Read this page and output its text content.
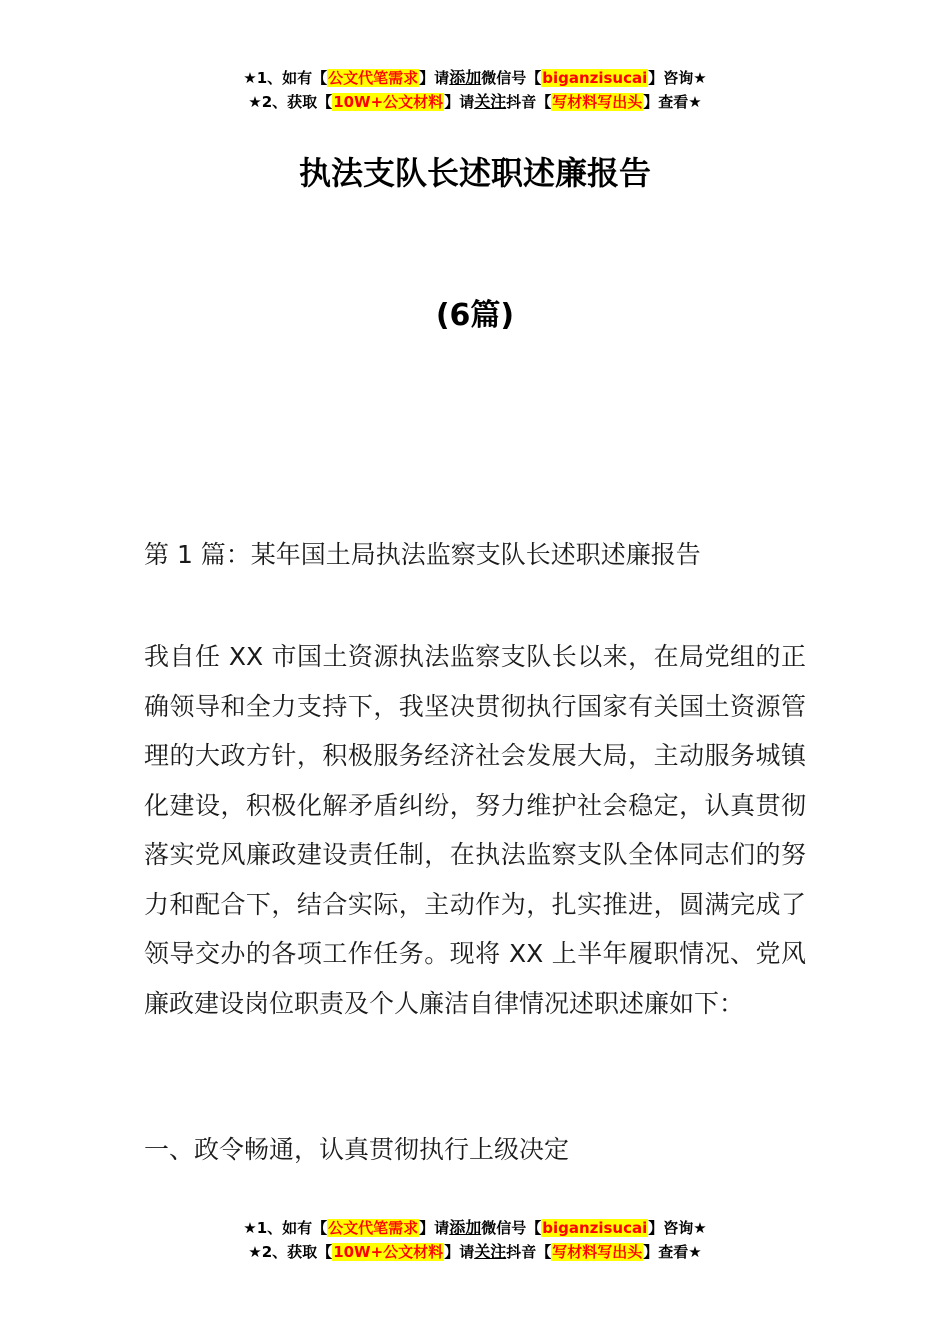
★1、如有【公文代笔需求】请添加微信号【biganzisucai】咨询★
★2、获取【10W+公文材料】请关注抖音【写材料写出头】查看★
执法支队长述职述廉报告
(6篇)
第 1 篇：某年国土局执法监察支队长述职述廉报告
我自任 XX 市国土资源执法监察支队长以来，在局党组的正确领导和全力支持下，我坚决贯彻执行国家有关国土资源管理的大政方针，积极服务经济社会发展大局，主动服务城镇化建设，积极化解矛盾纠纷，努力维护社会稳定，认真贯彻落实党风廉政建设责任制，在执法监察支队全体同志们的努力和配合下，结合实际，主动作为，扎实推进，圆满完成了领导交办的各项工作任务。现将 XX 上半年履职情况、党风廉政建设岗位职责及个人廉洁自律情况述职述廉如下：
一、政令畅通，认真贯彻执行上级决定
★1、如有【公文代笔需求】请添加微信号【biganzisucai】咨询★
★2、获取【10W+公文材料】请关注抖音【写材料写出头】查看★
